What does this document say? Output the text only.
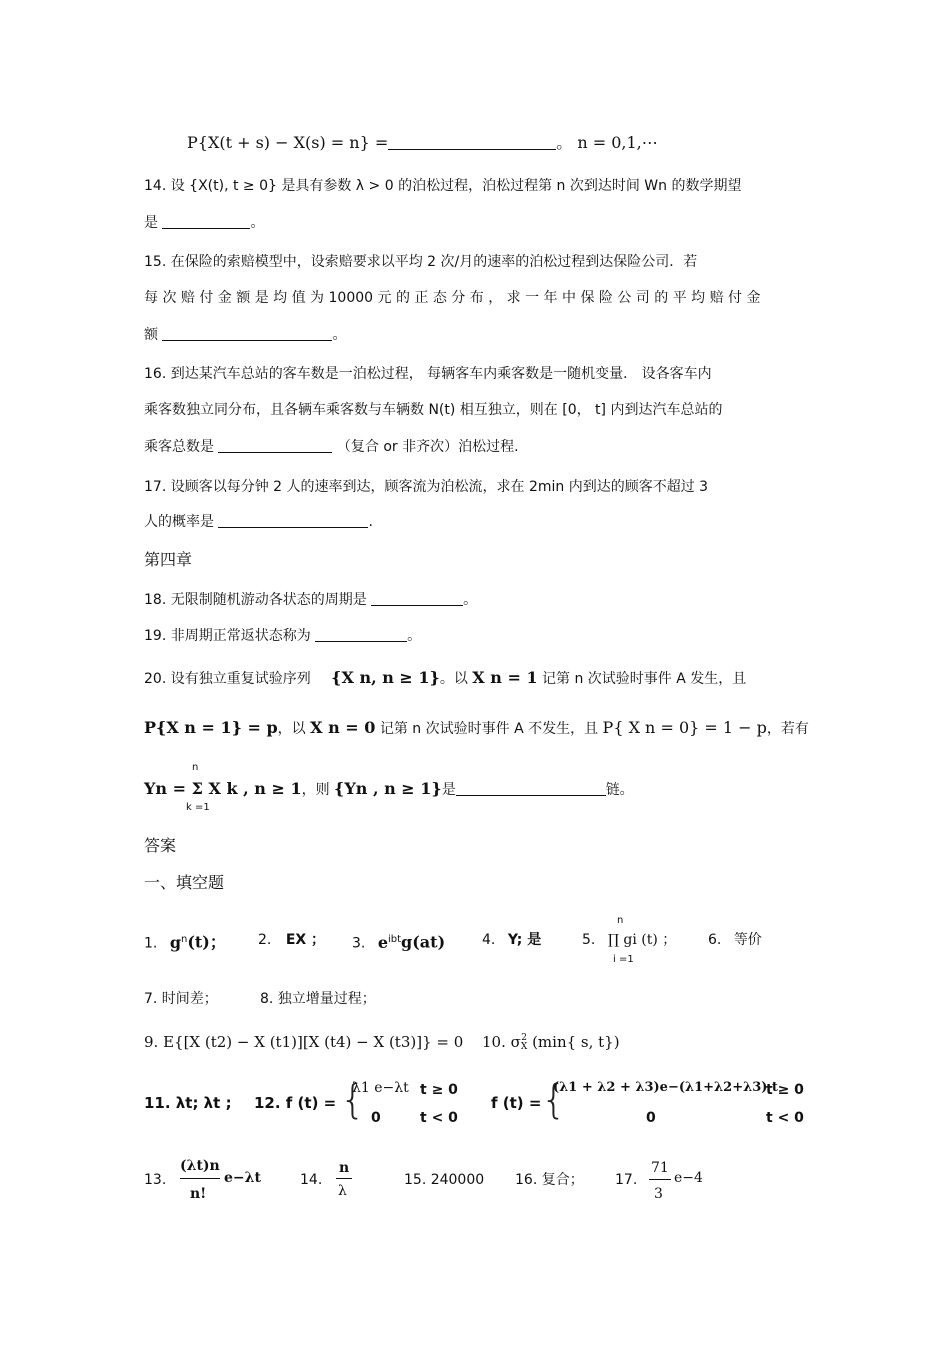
P{X(t + s) − X(s) = n} =	。 n = 0,1,⋯
14. 设 {X(t), t ≥ 0} 是具有参数 λ > 0 的泊松过程，泊松过程第 n 次到达时间 Wn 的数学期望
是	。
15. 在保险的索赔模型中，设索赔要求以平均 2 次/月的速率的泊松过程到达保险公司．若
每 次 赔 付 金 额 是 均 值 为 10000 元 的 正 态 分 布 ， 求 一 年 中 保 险 公 司 的 平 均 赔 付 金
额	。
16. 到达某汽车总站的客车数是一泊松过程， 每辆客车内乘客数是一随机变量． 设各客车内
乘客数独立同分布，且各辆车乘客数与车辆数 N(t) 相互独立，则在 [0， t] 内到达汽车总站的
乘客总数是	（复合 or 非齐次）泊松过程.
17. 设顾客以每分钟 2 人的速率到达，顾客流为泊松流，求在 2min 内到达的顾客不超过 3
人的概率是	.
第四章
18. 无限制随机游动各状态的周期是	。
19. 非周期正常返状态称为	。
20. 设有独立重复试验序列 {X n, n ≥ 1}。以 X n = 1 记第 n 次试验时事件 A 发生，且
P{X n = 1} = p，以 X n = 0 记第 n 次试验时事件 A 不发生，且 P{ X n = 0} = 1 − p，若有
n
k =1
Yn = Σ X k , n ≥ 1，则 {Yn , n ≥ 1}是	链。
答案
一、填空题
1. $g^n(t)$； 2. EX ； 3. $e^{ibt}g(at)$	4. Y; 是
n
i =1
5. ∏ gi (t) ； 6. 等价
7. 时间差；	8. 独立增量过程；
9. E{[X (t2) − X (t1)][X (t4) − X (t3)]} = 0 10. σ 2
X (min{ s, t})
11. λt; λt ; 12. f (t) = {
λ1 e−λt t ≥ 0
0	t < 0
f (t) = {
(λ1 + λ2 + λ3)e−(λ1+λ2+λ3) t
t ≥ 0
0	t < 0
13.
(λt)n
n!
e−λt	14.
n
λ
15. 240000 16. 复合； 17.
71
3
e−4
